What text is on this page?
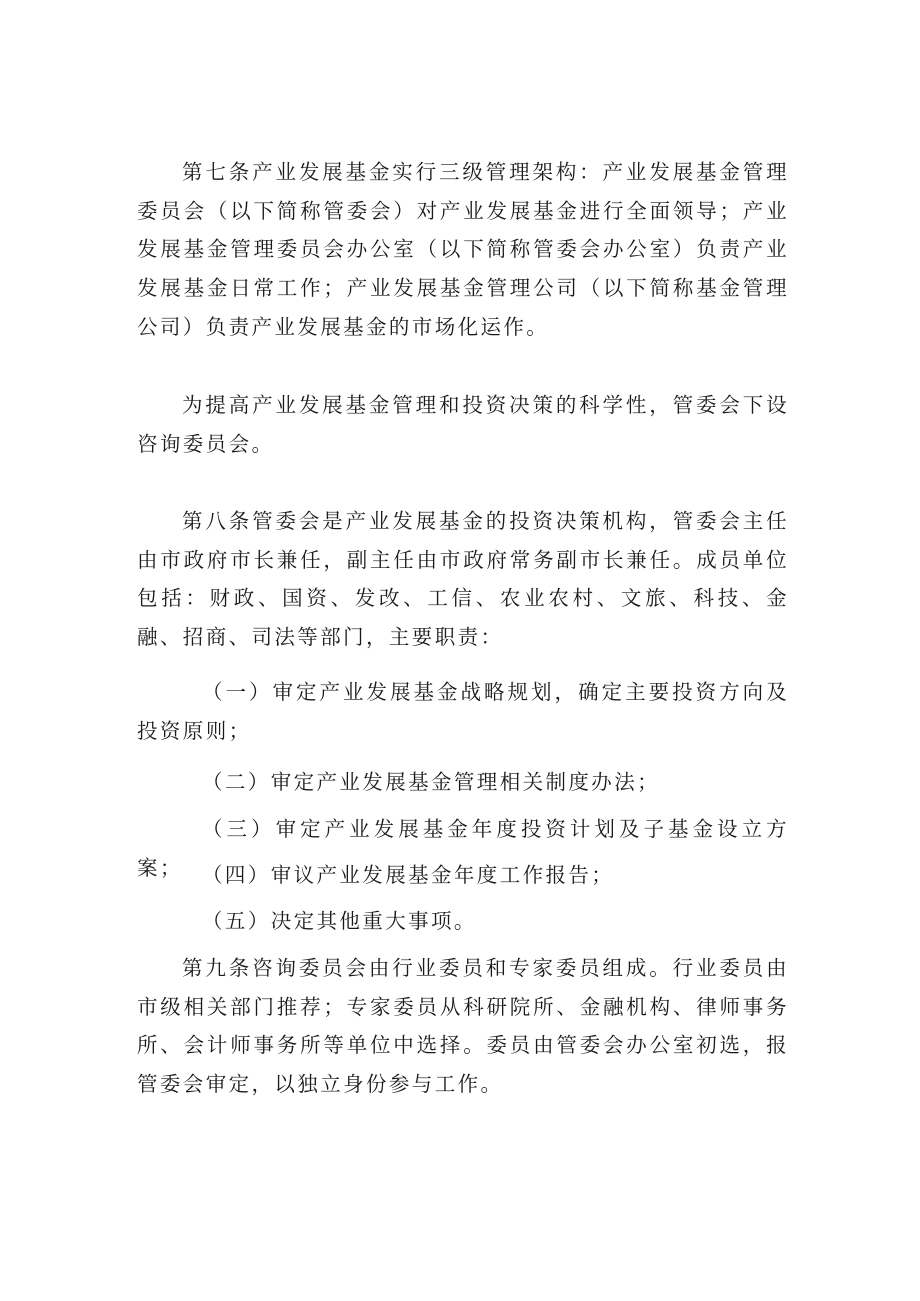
第七条产业发展基金实行三级管理架构：产业发展基金管理委员会（以下简称管委会）对产业发展基金进行全面领导；产业发展基金管理委员会办公室（以下简称管委会办公室）负责产业发展基金日常工作；产业发展基金管理公司（以下简称基金管理公司）负责产业发展基金的市场化运作。

为提高产业发展基金管理和投资决策的科学性，管委会下设咨询委员会。

第八条管委会是产业发展基金的投资决策机构，管委会主任由市政府市长兼任，副主任由市政府常务副市长兼任。成员单位包括：财政、国资、发改、工信、农业农村、文旅、科技、金融、招商、司法等部门，主要职责：

（一）审定产业发展基金战略规划，确定主要投资方向及投资原则；

（二）审定产业发展基金管理相关制度办法；

（三）审定产业发展基金年度投资计划及子基金设立方案； （四）审议产业发展基金年度工作报告；

（五）决定其他重大事项。

第九条咨询委员会由行业委员和专家委员组成。行业委员由市级相关部门推荐；专家委员从科研院所、金融机构、律师事务所、会计师事务所等单位中选择。委员由管委会办公室初选，报管委会审定，以独立身份参与工作。
